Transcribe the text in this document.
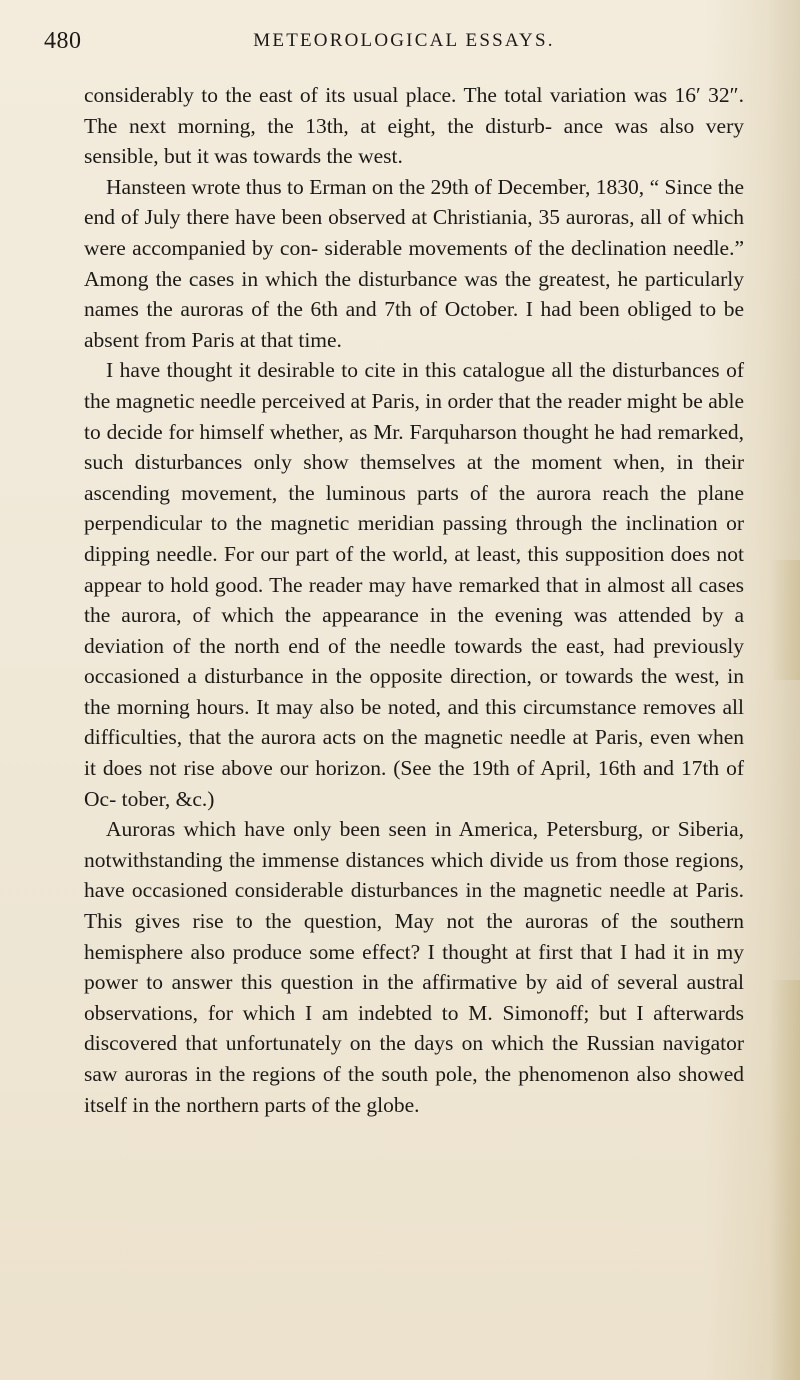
480	METEOROLOGICAL ESSAYS.

considerably to the east of its usual place. The total variation was 16′ 32″. The next morning, the 13th, at eight, the disturb- ance was also very sensible, but it was towards the west.

Hansteen wrote thus to Erman on the 29th of December, 1830, “ Since the end of July there have been observed at Christiania, 35 auroras, all of which were accompanied by con- siderable movements of the declination needle.” Among the cases in which the disturbance was the greatest, he particularly names the auroras of the 6th and 7th of October. I had been obliged to be absent from Paris at that time.

I have thought it desirable to cite in this catalogue all the disturbances of the magnetic needle perceived at Paris, in order that the reader might be able to decide for himself whether, as Mr. Farquharson thought he had remarked, such disturbances only show themselves at the moment when, in their ascending movement, the luminous parts of the aurora reach the plane perpendicular to the magnetic meridian passing through the inclination or dipping needle. For our part of the world, at least, this supposition does not appear to hold good. The reader may have remarked that in almost all cases the aurora, of which the appearance in the evening was attended by a deviation of the north end of the needle towards the east, had previously occasioned a disturbance in the opposite direction, or towards the west, in the morning hours. It may also be noted, and this circumstance removes all difficulties, that the aurora acts on the magnetic needle at Paris, even when it does not rise above our horizon. (See the 19th of April, 16th and 17th of Oc- tober, &c.)

Auroras which have only been seen in America, Petersburg, or Siberia, notwithstanding the immense distances which divide us from those regions, have occasioned considerable disturbances in the magnetic needle at Paris. This gives rise to the question, May not the auroras of the southern hemisphere also produce some effect? I thought at first that I had it in my power to answer this question in the affirmative by aid of several austral observations, for which I am indebted to M. Simonoff; but I afterwards discovered that unfortunately on the days on which the Russian navigator saw auroras in the regions of the south pole, the phenomenon also showed itself in the northern parts of the globe.
